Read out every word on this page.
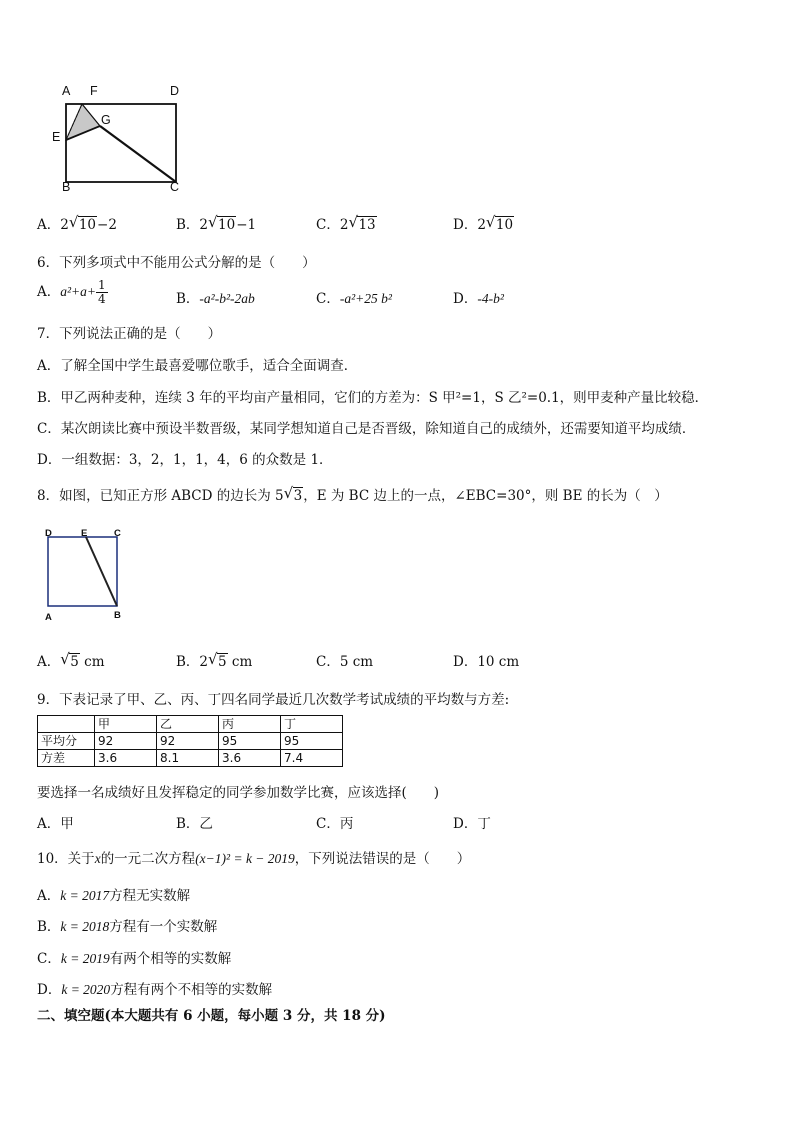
A F	D
E
G
B	C
A．2 √ 10−2	B．2 √ 10−1	C．2 √ 13	D．2 √ 10
6．下列多项式中不能用公式分解的是（　　）
A．$a^2+a+ \frac{1}{4}$	B．-a²-b²-2ab	C．-a²+25 b²	D．-4-b²
7．下列说法正确的是（　　）
A．了解全国中学生最喜爱哪位歌手，适合全面调查．
B．甲乙两种麦种，连续 3 年的平均亩产量相同，它们的方差为：S 甲²=1，S 乙²=0.1，则甲麦种产量比较稳．
C．某次朗读比赛中预设半数晋级，某同学想知道自己是否晋级，除知道自己的成绩外，还需要知道平均成绩．
D．一组数据：3，2，1，1，4，6 的众数是 1．
8．如图，已知正方形 ABCD 的边长为 5 √ 3，E 为 BC 边上的一点，∠EBC=30°，则 BE 的长为（　）
D	E	C
A	B
A． √ 5 cm	B．2 √ 5 cm	C．5 cm	D．10 cm
9．下表记录了甲、乙、丙、丁四名同学最近几次数学考试成绩的平均数与方差:
	甲	乙	丙	丁
平均分	92	92	95	95
方差	3.6	8.1	3.6	7.4
要选择一名成绩好且发挥稳定的同学参加数学比赛，应该选择(　　)
A．甲	B．乙	C．丙	D．丁
10．关于x的一元二次方程(x−1)² = k − 2019，下列说法错误的是（　　）
A．k = 2017方程无实数解
B．k = 2018方程有一个实数解
C．k = 2019有两个相等的实数解
D．k = 2020方程有两个不相等的实数解
二、填空题(本大题共有 6 小题，每小题 3 分，共 18 分)
